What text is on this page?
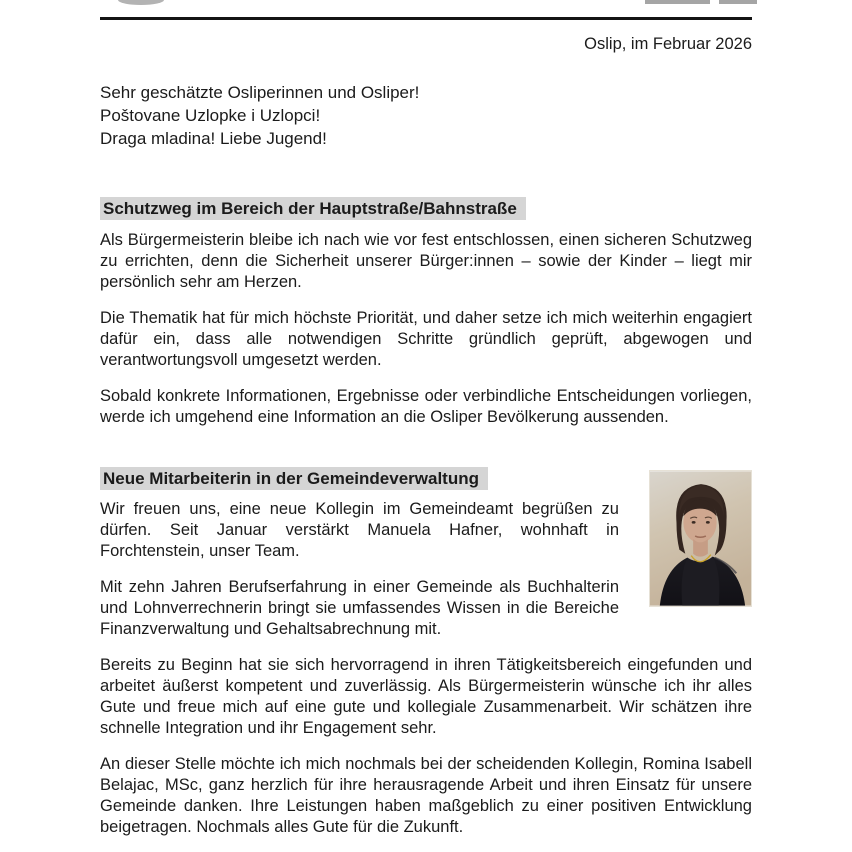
Oslip, im Februar 2026
Sehr geschätzte Osliperinnen und Osliper!
Poštovane Uzlopke i Uzlopci!
Draga mladina! Liebe Jugend!
Schutzweg im Bereich der Hauptstraße/Bahnstraße

Als Bürgermeisterin bleibe ich nach wie vor fest entschlossen, einen sicheren Schutzweg zu errichten, denn die Sicherheit unserer Bürger:innen – sowie der Kinder – liegt mir persönlich sehr am Herzen.

Die Thematik hat für mich höchste Priorität, und daher setze ich mich weiterhin engagiert dafür ein, dass alle notwendigen Schritte gründlich geprüft, abgewogen und verantwortungsvoll umgesetzt werden.

Sobald konkrete Informationen, Ergebnisse oder verbindliche Entscheidungen vorliegen, werde ich umgehend eine Information an die Osliper Bevölkerung aussenden.

Neue Mitarbeiterin in der Gemeindeverwaltung

Wir freuen uns, eine neue Kollegin im Gemeindeamt begrüßen zu dürfen. Seit Januar verstärkt Manuela Hafner, wohnhaft in Forchtenstein, unser Team.

Mit zehn Jahren Berufserfahrung in einer Gemeinde als Buchhalterin und Lohnverrechnerin bringt sie umfassendes Wissen in die Bereiche Finanzverwaltung und Gehaltsabrechnung mit.

Bereits zu Beginn hat sie sich hervorragend in ihren Tätigkeitsbereich eingefunden und arbeitet äußerst kompetent und zuverlässig. Als Bürgermeisterin wünsche ich ihr alles Gute und freue mich auf eine gute und kollegiale Zusammenarbeit. Wir schätzen ihre schnelle Integration und ihr Engagement sehr.

An dieser Stelle möchte ich mich nochmals bei der scheidenden Kollegin, Romina Isabell Belajac, MSc, ganz herzlich für ihre herausragende Arbeit und ihren Einsatz für unsere Gemeinde danken. Ihre Leistungen haben maßgeblich zu einer positiven Entwicklung beigetragen. Nochmals alles Gute für die Zukunft.
